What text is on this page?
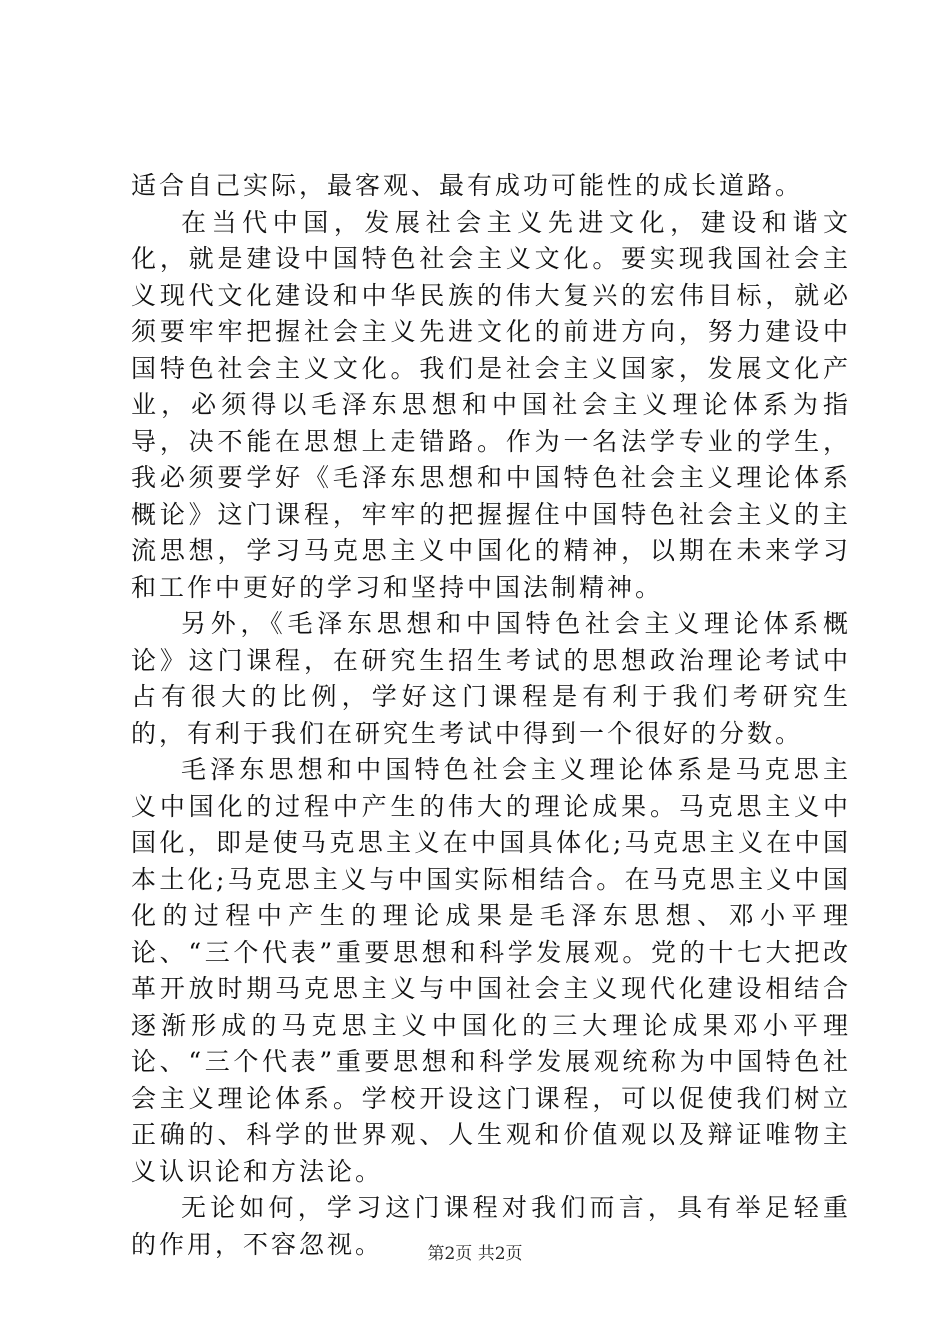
适合自己实际，最客观、最有成功可能性的成长道路。

在当代中国，发展社会主义先进文化，建设和谐文化，就是建设中国特色社会主义文化。要实现我国社会主义现代文化建设和中华民族的伟大复兴的宏伟目标，就必须要牢牢把握社会主义先进文化的前进方向，努力建设中国特色社会主义文化。我们是社会主义国家，发展文化产业，必须得以毛泽东思想和中国社会主义理论体系为指导，决不能在思想上走错路。作为一名法学专业的学生，我必须要学好《毛泽东思想和中国特色社会主义理论体系概论》这门课程，牢牢的把握握住中国特色社会主义的主流思想，学习马克思主义中国化的精神，以期在未来学习和工作中更好的学习和坚持中国法制精神。

另外，《毛泽东思想和中国特色社会主义理论体系概论》这门课程，在研究生招生考试的思想政治理论考试中占有很大的比例，学好这门课程是有利于我们考研究生的，有利于我们在研究生考试中得到一个很好的分数。

毛泽东思想和中国特色社会主义理论体系是马克思主义中国化的过程中产生的伟大的理论成果。马克思主义中国化，即是使马克思主义在中国具体化;马克思主义在中国本土化;马克思主义与中国实际相结合。在马克思主义中国化的过程中产生的理论成果是毛泽东思想、邓小平理论、“三个代表”重要思想和科学发展观。党的十七大把改革开放时期马克思主义与中国社会主义现代化建设相结合逐渐形成的马克思主义中国化的三大理论成果邓小平理论、“三个代表”重要思想和科学发展观统称为中国特色社会主义理论体系。学校开设这门课程，可以促使我们树立正确的、科学的世界观、人生观和价值观以及辩证唯物主义认识论和方法论。

无论如何，学习这门课程对我们而言，具有举足轻重的作用，不容忽视。	第2页 共2页
